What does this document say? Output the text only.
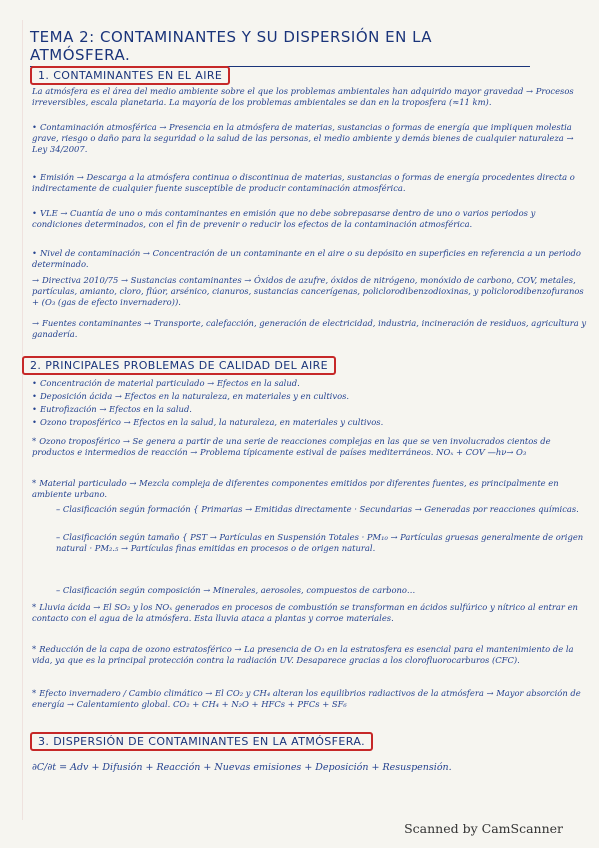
TEMA 2: CONTAMINANTES Y SU DISPERSIÓN EN LA ATMÓSFERA.
1. CONTAMINANTES EN EL AIRE
La atmósfera es el área del medio ambiente sobre el que los problemas ambientales han adquirido mayor gravedad → Procesos irreversibles, escala planetaria. La mayoría de los problemas ambientales se dan en la troposfera (≈11 km).
• Contaminación atmosférica → Presencia en la atmósfera de materias, sustancias o formas de energía que impliquen molestia grave, riesgo o daño para la seguridad o la salud de las personas, el medio ambiente y demás bienes de cualquier naturaleza → Ley 34/2007.
• Emisión → Descarga a la atmósfera continua o discontinua de materias, sustancias o formas de energía procedentes directa o indirectamente de cualquier fuente susceptible de producir contaminación atmosférica.
• VLE → Cuantía de uno o más contaminantes en emisión que no debe sobrepasarse dentro de uno o varios periodos y condiciones determinados, con el fin de prevenir o reducir los efectos de la contaminación atmosférica.
• Nivel de contaminación → Concentración de un contaminante en el aire o su depósito en superficies en referencia a un periodo determinado.
→ Directiva 2010/75 → Sustancias contaminantes → Óxidos de azufre, óxidos de nitrógeno, monóxido de carbono, COV, metales, partículas, amianto, cloro, flúor, arsénico, cianuros, sustancias cancerígenas, policlorodibenzodioxinas, y policlorodibenzofuranos + (O₃ (gas de efecto invernadero)).
→ Fuentes contaminantes → Transporte, calefacción, generación de electricidad, industria, incineración de residuos, agricultura y ganadería.
2. PRINCIPALES PROBLEMAS DE CALIDAD DEL AIRE
• Concentración de material particulado → Efectos en la salud.
• Deposición ácida → Efectos en la naturaleza, en materiales y en cultivos.
• Eutrofización → Efectos en la salud.
• Ozono troposférico → Efectos en la salud, la naturaleza, en materiales y cultivos.
* Ozono troposférico → Se genera a partir de una serie de reacciones complejas en las que se ven involucrados cientos de productos e intermedios de reacción → Problema típicamente estival de países mediterráneos. NOₓ + COV —hν→ O₃
* Material particulado → Mezcla compleja de diferentes componentes emitidos por diferentes fuentes, es principalmente en ambiente urbano.
– Clasificación según formación { Primarias → Emitidas directamente · Secundarias → Generadas por reacciones químicas.
– Clasificación según tamaño { PST → Partículas en Suspensión Totales · PM₁₀ → Partículas gruesas generalmente de origen natural · PM₂.₅ → Partículas finas emitidas en procesos o de origen natural.
– Clasificación según composición → Minerales, aerosoles, compuestos de carbono…
* Lluvia ácida → El SO₂ y los NOₓ generados en procesos de combustión se transforman en ácidos sulfúrico y nítrico al entrar en contacto con el agua de la atmósfera. Esta lluvia ataca a plantas y corroe materiales.
* Reducción de la capa de ozono estratosférico → La presencia de O₃ en la estratosfera es esencial para el mantenimiento de la vida, ya que es la principal protección contra la radiación UV. Desaparece gracias a los clorofluorocarburos (CFC).
* Efecto invernadero / Cambio climático → El CO₂ y CH₄ alteran los equilibrios radiactivos de la atmósfera → Mayor absorción de energía → Calentamiento global. CO₂ + CH₄ + N₂O + HFCs + PFCs + SF₆
3. DISPERSIÓN DE CONTAMINANTES EN LA ATMÓSFERA.
∂C/∂t = Adv + Difusión + Reacción + Nuevas emisiones + Deposición + Resuspensión.
Scanned by CamScanner
